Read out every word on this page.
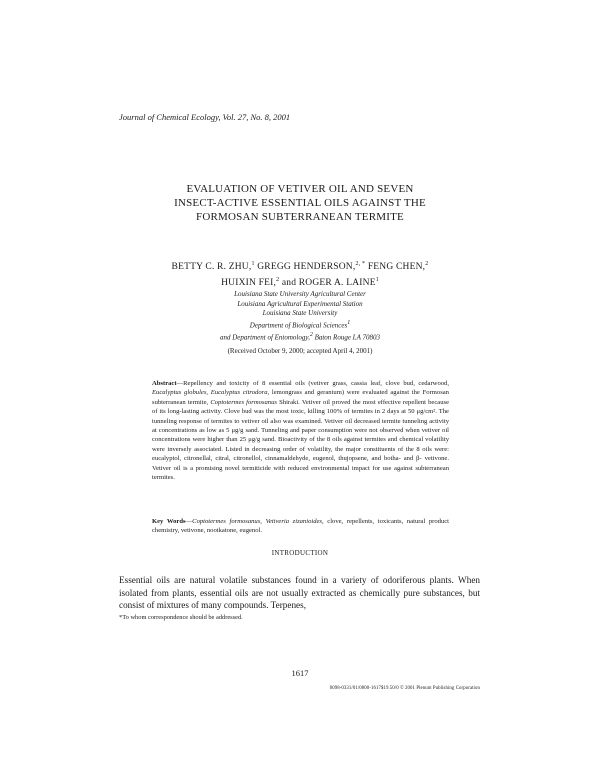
Journal of Chemical Ecology, Vol. 27, No. 8, 2001
EVALUATION OF VETIVER OIL AND SEVEN
INSECT-ACTIVE ESSENTIAL OILS AGAINST THE
FORMOSAN SUBTERRANEAN TERMITE
BETTY C. R. ZHU,$^1$ GREGG HENDERSON,$^{2, *}$ FENG CHEN,$^2$
HUIXIN FEI,$^2$ and ROGER A. LAINE$^1$
Louisiana State University Agricultural Center
Louisiana Agricultural Experimental Station
Louisiana State University
Department of Biological Sciences$^1$
and Department of Entomology,$^2$ Baton Rouge LA 70803
(Received October 9, 2000; accepted April 4, 2001)
Abstract—Repellency and toxicity of 8 essential oils (vetiver grass, cassia leaf, clove bud, cedarwood, Eucalyptus globules, Eucalyptus citrodora, lemongrass and geranium) were evaluated against the Formosan subterranean termite, Coptotermes formosanus Shiraki. Vetiver oil proved the most effective repellent because of its long-lasting activity. Clove bud was the most toxic, killing 100% of termites in 2 days at 50 μg/cm². The tunneling response of termites to vetiver oil also was examined. Vetiver oil decreased termite tunneling activity at concentrations as low as 5 μg/g sand. Tunneling and paper consumption were not observed when vetiver oil concentrations were higher than 25 μg/g sand. Bioactivity of the 8 oils against termites and chemical volatility were inversely associated. Listed in decreasing order of volatility, the major constituents of the 8 oils were: eucalyptol, citronellal, citral, citronellol, cinnamaldehyde, eugenol, thujopsene, and botha- and β- vetivone. Vetiver oil is a promising novel termiticide with reduced environmental impact for use against subterranean termites.
Key Words—Coptotermes formosanus, Vetiveria zizanioides, clove, repellents, toxicants, natural product chemistry, vetivone, nootkatone, eugenol.
INTRODUCTION
Essential oils are natural volatile substances found in a variety of odoriferous plants. When isolated from plants, essential oils are not usually extracted as chemically pure substances, but consist of mixtures of many compounds. Terpenes,
*To whom correspondence should be addressed.
1617
0098-0331/01/0800-1617$19.50/0 © 2001 Plenum Publishing Corporation
